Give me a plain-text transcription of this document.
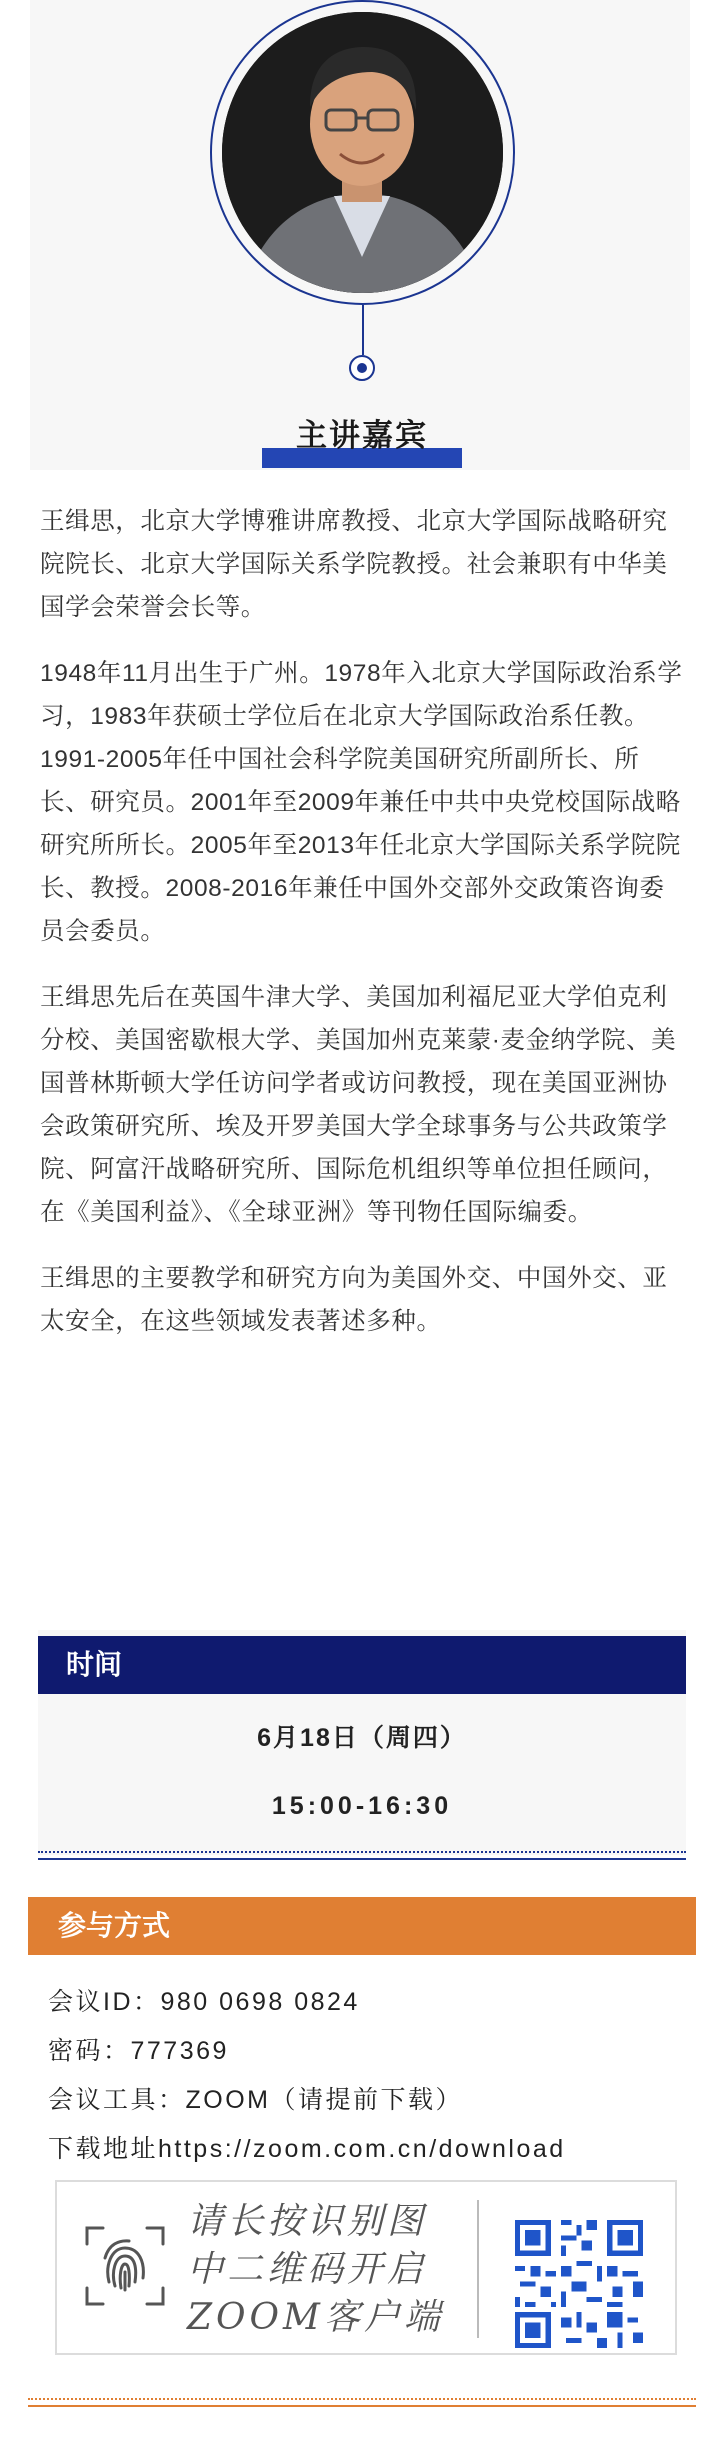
主讲嘉宾

王缉思，北京大学博雅讲席教授、北京大学国际战略研究院院长、北京大学国际关系学院教授。社会兼职有中华美国学会荣誉会长等。

1948年11月出生于广州。1978年入北京大学国际政治系学习，1983年获硕士学位后在北京大学国际政治系任教。1991-2005年任中国社会科学院美国研究所副所长、所长、研究员。2001年至2009年兼任中共中央党校国际战略研究所所长。2005年至2013年任北京大学国际关系学院院长、教授。2008-2016年兼任中国外交部外交政策咨询委员会委员。

王缉思先后在英国牛津大学、美国加利福尼亚大学伯克利分校、美国密歇根大学、美国加州克莱蒙·麦金纳学院、美国普林斯顿大学任访问学者或访问教授，现在美国亚洲协会政策研究所、埃及开罗美国大学全球事务与公共政策学院、阿富汗战略研究所、国际危机组织等单位担任顾问，在《美国利益》、《全球亚洲》等刊物任国际编委。

王缉思的主要教学和研究方向为美国外交、中国外交、亚太安全，在这些领域发表著述多种。

时间
6月18日（周四）
15:00-16:30
参与方式
会议ID：980 0698 0824
密码：777369
会议工具：ZOOM（请提前下载）
下载地址https://zoom.com.cn/download
请长按识别图
中二维码开启
ZOOM客户端
